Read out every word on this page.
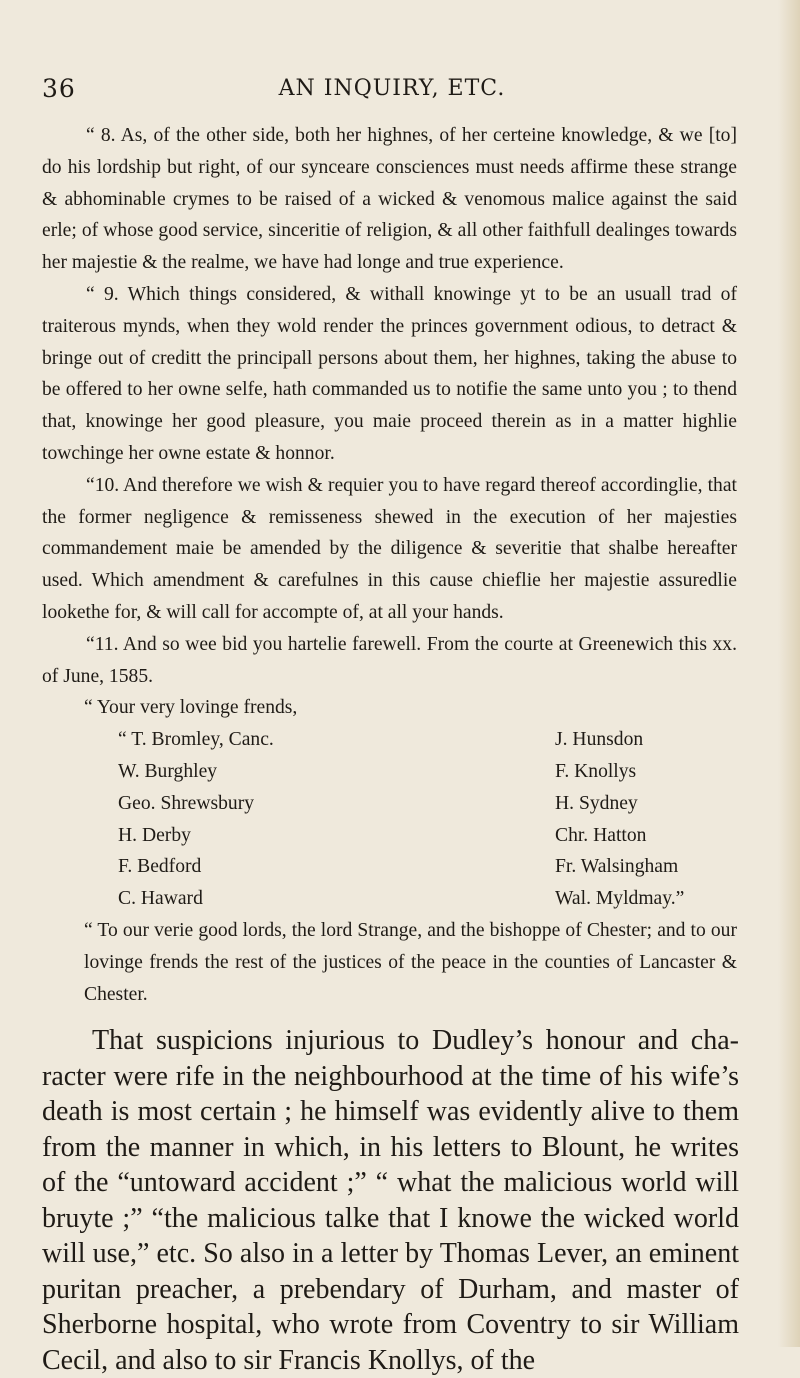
36	AN INQUIRY, ETC.

“ 8. As, of the other side, both her highnes, of her certeine knowledge, & we [to] do his lordship but right, of our synceare consciences must needs affirme these strange & abhominable crymes to be raised of a wicked & venomous malice against the said erle; of whose good service, sinceritie of religion, & all other faithfull dealinges towards her majestie & the realme, we have had longe and true experience.

“ 9. Which things considered, & withall knowinge yt to be an usuall trad of traiterous mynds, when they wold render the princes government odious, to detract & bringe out of creditt the principall persons about them, her highnes, taking the abuse to be offered to her owne selfe, hath commanded us to notifie the same unto you ; to thend that, knowinge her good pleasure, you maie proceed therein as in a matter highlie towchinge her owne estate & honnor.

“10. And therefore we wish & requier you to have regard thereof accordinglie, that the former negligence & remisseness shewed in the execution of her majesties commandement maie be amended by the diligence & severitie that shalbe hereafter used. Which amendment & carefulnes in this cause chieflie her majestie assuredlie lookethe for, & will call for accompte of, at all your hands.

“11. And so wee bid you hartelie farewell. From the courte at Greenewich this xx. of June, 1585.

“ Your very lovinge frends,

“ T. Bromley, Canc.
W. Burghley
Geo. Shrewsbury
H. Derby
F. Bedford
C. Haward
J. Hunsdon
F. Knollys
H. Sydney
Chr. Hatton
Fr. Walsingham
Wal. Myldmay.”

“ To our verie good lords, the lord Strange, and the bishoppe of Chester; and to our lovinge frends the rest of the justices of the peace in the counties of Lancaster & Chester.

That suspicions injurious to Dudley’s honour and character were rife in the neighbourhood at the time of his wife’s death is most certain ; he himself was evidently alive to them from the manner in which, in his letters to Blount, he writes of the “untoward accident ;” “ what the malicious world will bruyte ;” “the malicious talke that I knowe the wicked world will use,” etc. So also in a letter by Thomas Lever, an eminent puritan preacher, a prebendary of Durham, and master of Sherborne hospital, who wrote from Coventry to sir William Cecil, and also to sir Francis Knollys, of the
